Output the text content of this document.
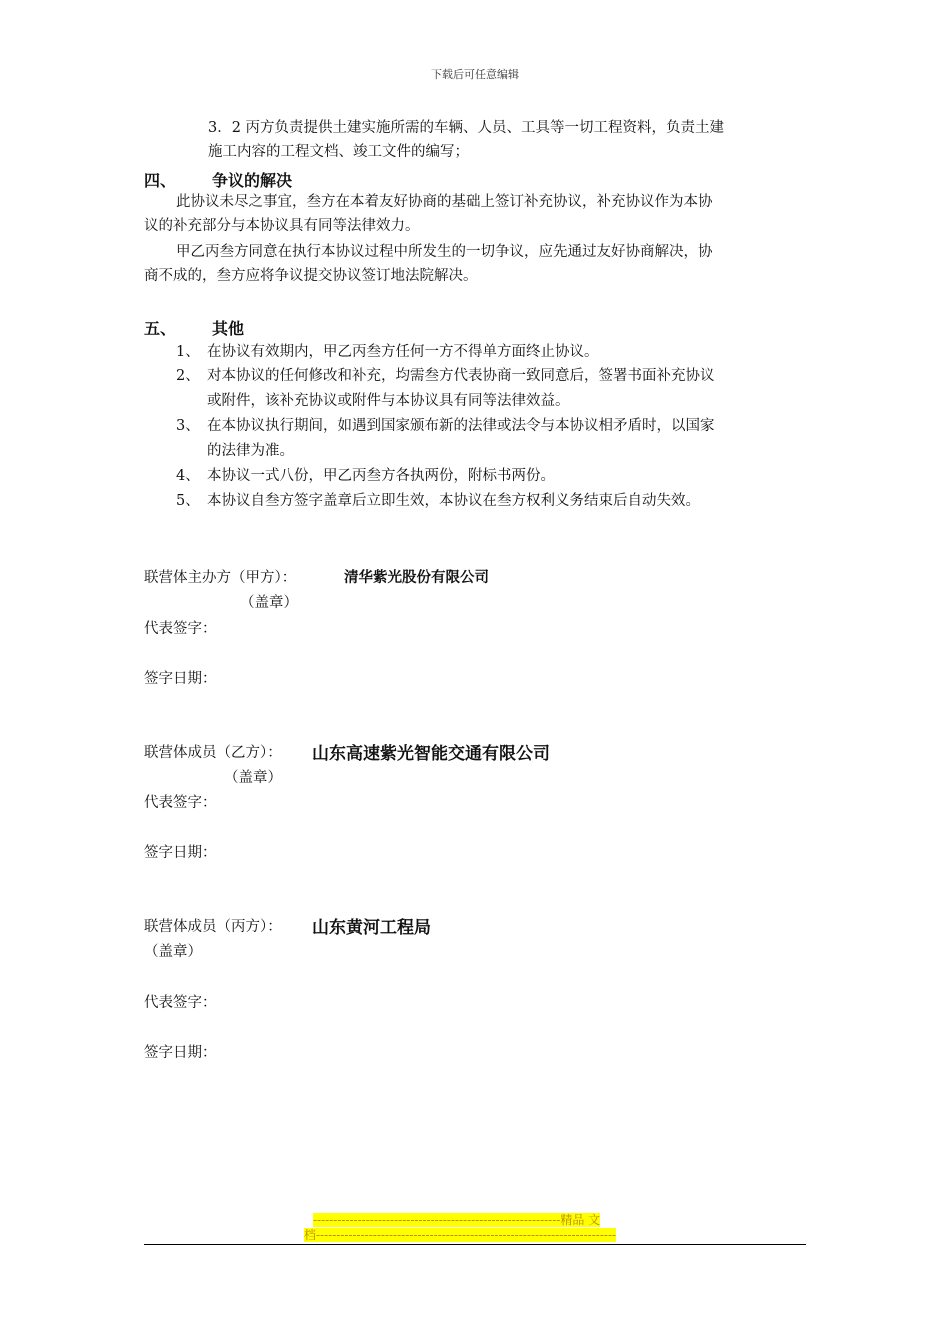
下载后可任意编辑
3．2 丙方负责提供土建实施所需的车辆、人员、工具等一切工程资料，负责土建
施工内容的工程文档、竣工文件的编写；
四、 争议的解决
此协议未尽之事宜，叁方在本着友好协商的基础上签订补充协议，补充协议作为本协
议的补充部分与本协议具有同等法律效力。
甲乙丙叁方同意在执行本协议过程中所发生的一切争议，应先通过友好协商解决，协
商不成的，叁方应将争议提交协议签订地法院解决。
五、 其他
1、 在协议有效期内，甲乙丙叁方任何一方不得单方面终止协议。
2、 对本协议的任何修改和补充，均需叁方代表协商一致同意后，签署书面补充协议
或附件，该补充协议或附件与本协议具有同等法律效益。
3、 在本协议执行期间，如遇到国家颁布新的法律或法令与本协议相矛盾时，以国家
的法律为准。
4、 本协议一式八份，甲乙丙叁方各执两份，附标书两份。
5、 本协议自叁方签字盖章后立即生效，本协议在叁方权利义务结束后自动失效。
联营体主办方（甲方）：	清华紫光股份有限公司
（盖章）
代表签字：
签字日期：
联营体成员（乙方）： 山东高速紫光智能交通有限公司
（盖章）
代表签字：
签字日期：
联营体成员（丙方）： 山东黄河工程局
（盖章）
代表签字：
签字日期：
-------------------------------------------------------------精品 文
档--------------------------------------------------------------------------
